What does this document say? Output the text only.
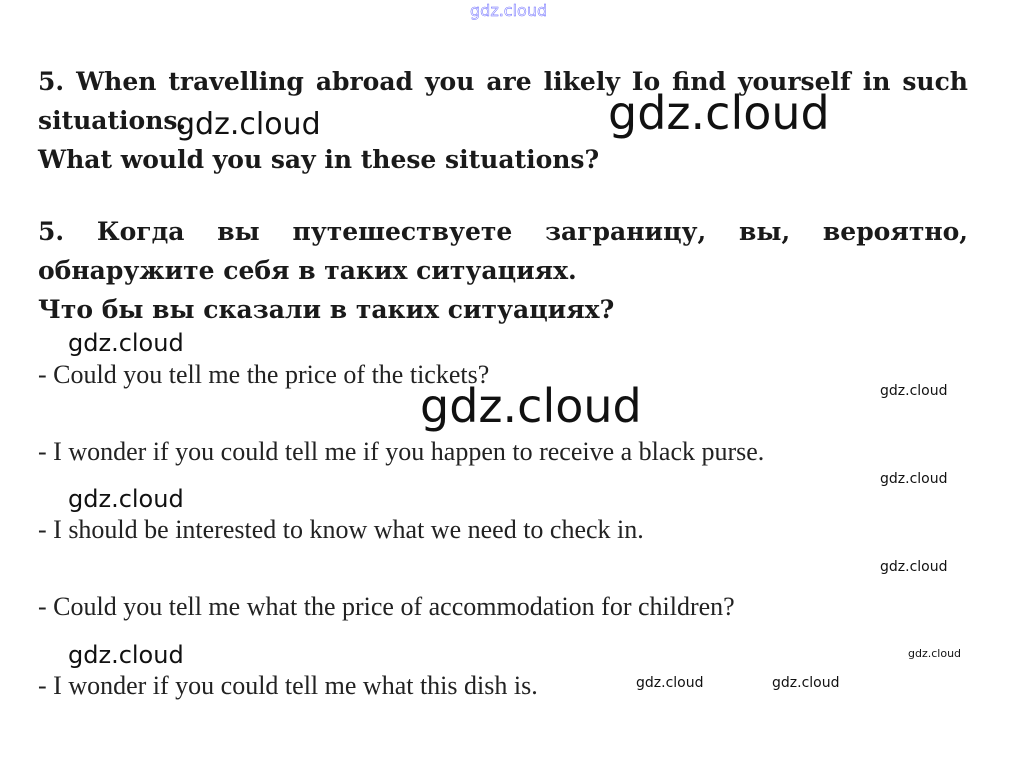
gdz.cloud
5. When travelling abroad you are likely Io find yourself in such situations.
What would you say in these situations?
5. Когда вы путешествуете заграницу, вы, вероятно, обнаружите себя в таких ситуациях.
Что бы вы сказали в таких ситуациях?
- Could you tell me the price of the tickets?
- I wonder if you could tell me if you happen to receive a black purse.
- I should be interested to know what we need to check in.
- Could you tell me what the price of accommodation for children?
- I wonder if you could tell me what this dish is.
gdz.cloud	gdz.cloud
gdz.cloud
gdz.cloud	gdz.cloud
gdz.cloud
gdz.cloud
gdz.cloud
gdz.cloud	gdz.cloud
gdz.cloud	gdz.cloud
